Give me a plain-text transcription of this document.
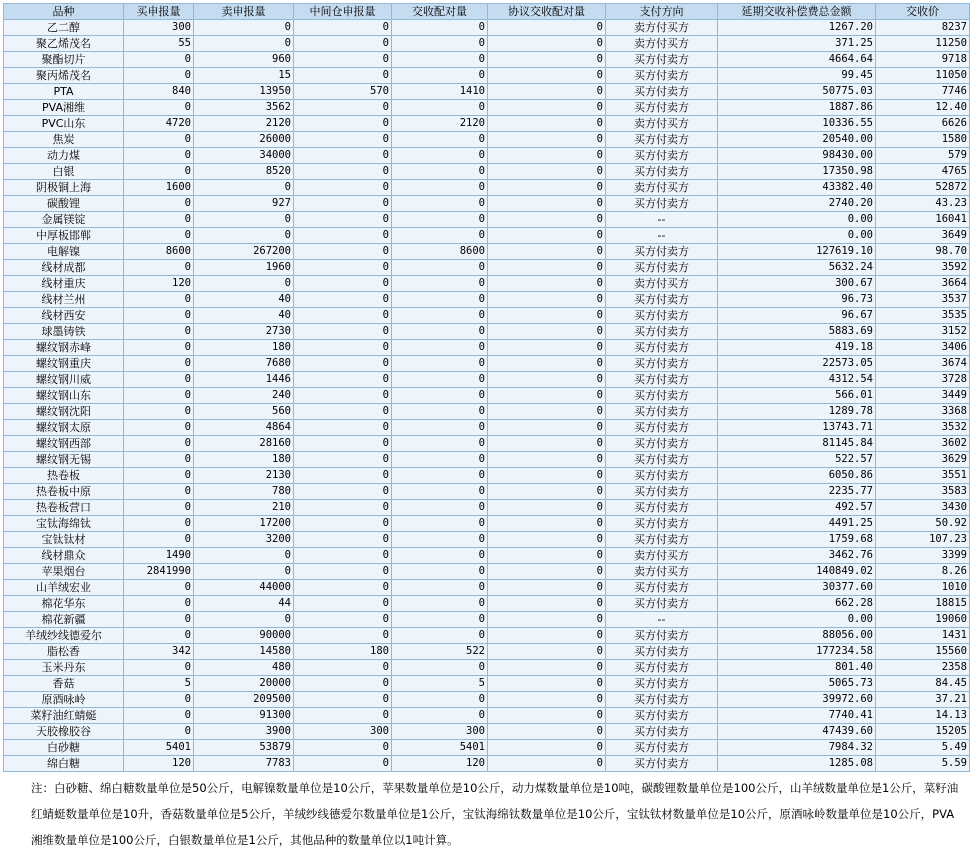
品种	买申报量	卖申报量	中间仓申报量	交收配对量	协议交收配对量	支付方向	延期交收补偿费总金额	交收价
乙二醇	300	0	0	0	0	卖方付买方	1267.20	8237
聚乙烯茂名	55	0	0	0	0	卖方付买方	371.25	11250
聚酯切片	0	960	0	0	0	买方付卖方	4664.64	9718
聚丙烯茂名	0	15	0	0	0	买方付卖方	99.45	11050
PTA	840	13950	570	1410	0	买方付卖方	50775.03	7746
PVA湘维	0	3562	0	0	0	买方付卖方	1887.86	12.40
PVC山东	4720	2120	0	2120	0	卖方付买方	10336.55	6626
焦炭	0	26000	0	0	0	买方付卖方	20540.00	1580
动力煤	0	34000	0	0	0	买方付卖方	98430.00	579
白银	0	8520	0	0	0	买方付卖方	17350.98	4765
阴极铜上海	1600	0	0	0	0	卖方付买方	43382.40	52872
碳酸锂	0	927	0	0	0	买方付卖方	2740.20	43.23
金属镁锭	0	0	0	0	0	--	0.00	16041
中厚板邯郸	0	0	0	0	0	--	0.00	3649
电解镍	8600	267200	0	8600	0	买方付卖方	127619.10	98.70
线材成都	0	1960	0	0	0	买方付卖方	5632.24	3592
线材重庆	120	0	0	0	0	卖方付买方	300.67	3664
线材兰州	0	40	0	0	0	买方付卖方	96.73	3537
线材西安	0	40	0	0	0	买方付卖方	96.67	3535
球墨铸铁	0	2730	0	0	0	买方付卖方	5883.69	3152
螺纹钢赤峰	0	180	0	0	0	买方付卖方	419.18	3406
螺纹钢重庆	0	7680	0	0	0	买方付卖方	22573.05	3674
螺纹钢川威	0	1446	0	0	0	买方付卖方	4312.54	3728
螺纹钢山东	0	240	0	0	0	买方付卖方	566.01	3449
螺纹钢沈阳	0	560	0	0	0	买方付卖方	1289.78	3368
螺纹钢太原	0	4864	0	0	0	买方付卖方	13743.71	3532
螺纹钢西部	0	28160	0	0	0	买方付卖方	81145.84	3602
螺纹钢无锡	0	180	0	0	0	买方付卖方	522.57	3629
热卷板	0	2130	0	0	0	买方付卖方	6050.86	3551
热卷板中原	0	780	0	0	0	买方付卖方	2235.77	3583
热卷板营口	0	210	0	0	0	买方付卖方	492.57	3430
宝钛海绵钛	0	17200	0	0	0	买方付卖方	4491.25	50.92
宝钛钛材	0	3200	0	0	0	买方付卖方	1759.68	107.23
线材鼎众	1490	0	0	0	0	卖方付买方	3462.76	3399
苹果烟台	2841990	0	0	0	0	卖方付买方	140849.02	8.26
山羊绒宏业	0	44000	0	0	0	买方付卖方	30377.60	1010
棉花华东	0	44	0	0	0	买方付卖方	662.28	18815
棉花新疆	0	0	0	0	0	--	0.00	19060
羊绒纱线德爱尔	0	90000	0	0	0	买方付卖方	88056.00	1431
脂松香	342	14580	180	522	0	买方付卖方	177234.58	15560
玉米丹东	0	480	0	0	0	买方付卖方	801.40	2358
香菇	5	20000	0	5	0	买方付卖方	5065.73	84.45
原酒咏岭	0	209500	0	0	0	买方付卖方	39972.60	37.21
菜籽油红蜻蜓	0	91300	0	0	0	买方付卖方	7740.41	14.13
天胶橡胶谷	0	3900	300	300	0	买方付卖方	47439.60	15205
白砂糖	5401	53879	0	5401	0	买方付卖方	7984.32	5.49
绵白糖	120	7783	0	120	0	买方付卖方	1285.08	5.59
注：白砂糖、绵白糖数量单位是50公斤，电解镍数量单位是10公斤，苹果数量单位是10公斤，动力煤数量单位是10吨，碳酸锂数量单位是100公斤，山羊绒数量单位是1公斤，菜籽油红蜻蜓数量单位是10升，香菇数量单位是5公斤，羊绒纱线德爱尔数量单位是1公斤，宝钛海绵钛数量单位是10公斤，宝钛钛材数量单位是10公斤，原酒咏岭数量单位是10公斤，PVA湘维数量单位是100公斤，白银数量单位是1公斤，其他品种的数量单位以1吨计算。
